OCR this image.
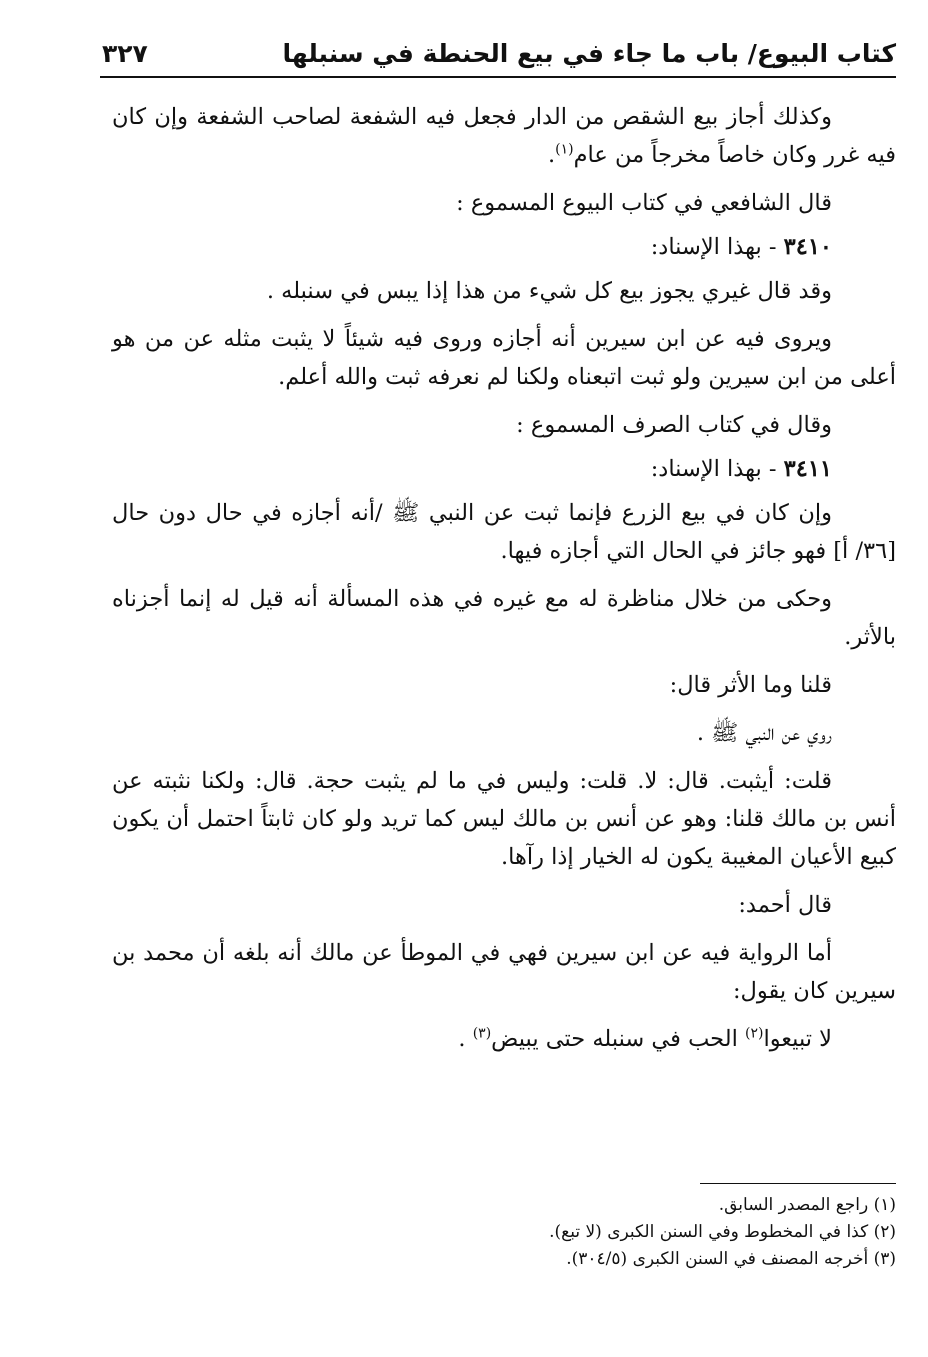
كتاب البيوع/ باب ما جاء في بيع الحنطة في سنبلها
٣٢٧

وكذلك أجاز بيع الشقص من الدار فجعل فيه الشفعة لصاحب الشفعة وإن كان فيه غرر وكان خاصاً مخرجاً من عام$^{(١)}$.

قال الشافعي في كتاب البيوع المسموع :

٣٤١٠ - بهذا الإسناد:

وقد قال غيري يجوز بيع كل شيء من هذا إذا يبس في سنبله .

ويروى فيه عن ابن سيرين أنه أجازه وروى فيه شيئاً لا يثبت مثله عن من هو أعلى من ابن سيرين ولو ثبت اتبعناه ولكنا لم نعرفه ثبت والله أعلم.

وقال في كتاب الصرف المسموع :

٣٤١١ - بهذا الإسناد:

وإن كان في بيع الزرع فإنما ثبت عن النبي ﷺ /أنه أجازه في حال دون حال [٣٦/ أ] فهو جائز في الحال التي أجازه فيها.

وحكى من خلال مناظرة له مع غيره في هذه المسألة أنه قيل له إنما أجزناه بالأثر.

قلنا وما الأثر قال:

روي عن النبي ﷺ .

قلت: أيثبت. قال: لا. قلت: وليس في ما لم يثبت حجة. قال: ولكنا نثبته عن أنس بن مالك قلنا: وهو عن أنس بن مالك ليس كما تريد ولو كان ثابتاً احتمل أن يكون كبيع الأعيان المغيبة يكون له الخيار إذا رآها.

قال أحمد:

أما الرواية فيه عن ابن سيرين فهي في الموطأ عن مالك أنه بلغه أن محمد بن سيرين كان يقول:

لا تبيعوا$^{(٢)}$ الحب في سنبله حتى يبيض$^{(٣)}$ .

(١) راجع المصدر السابق.

(٢) كذا في المخطوط وفي السنن الكبرى (لا تبع).

(٣) أخرجه المصنف في السنن الكبرى (٣٠٤/٥).
